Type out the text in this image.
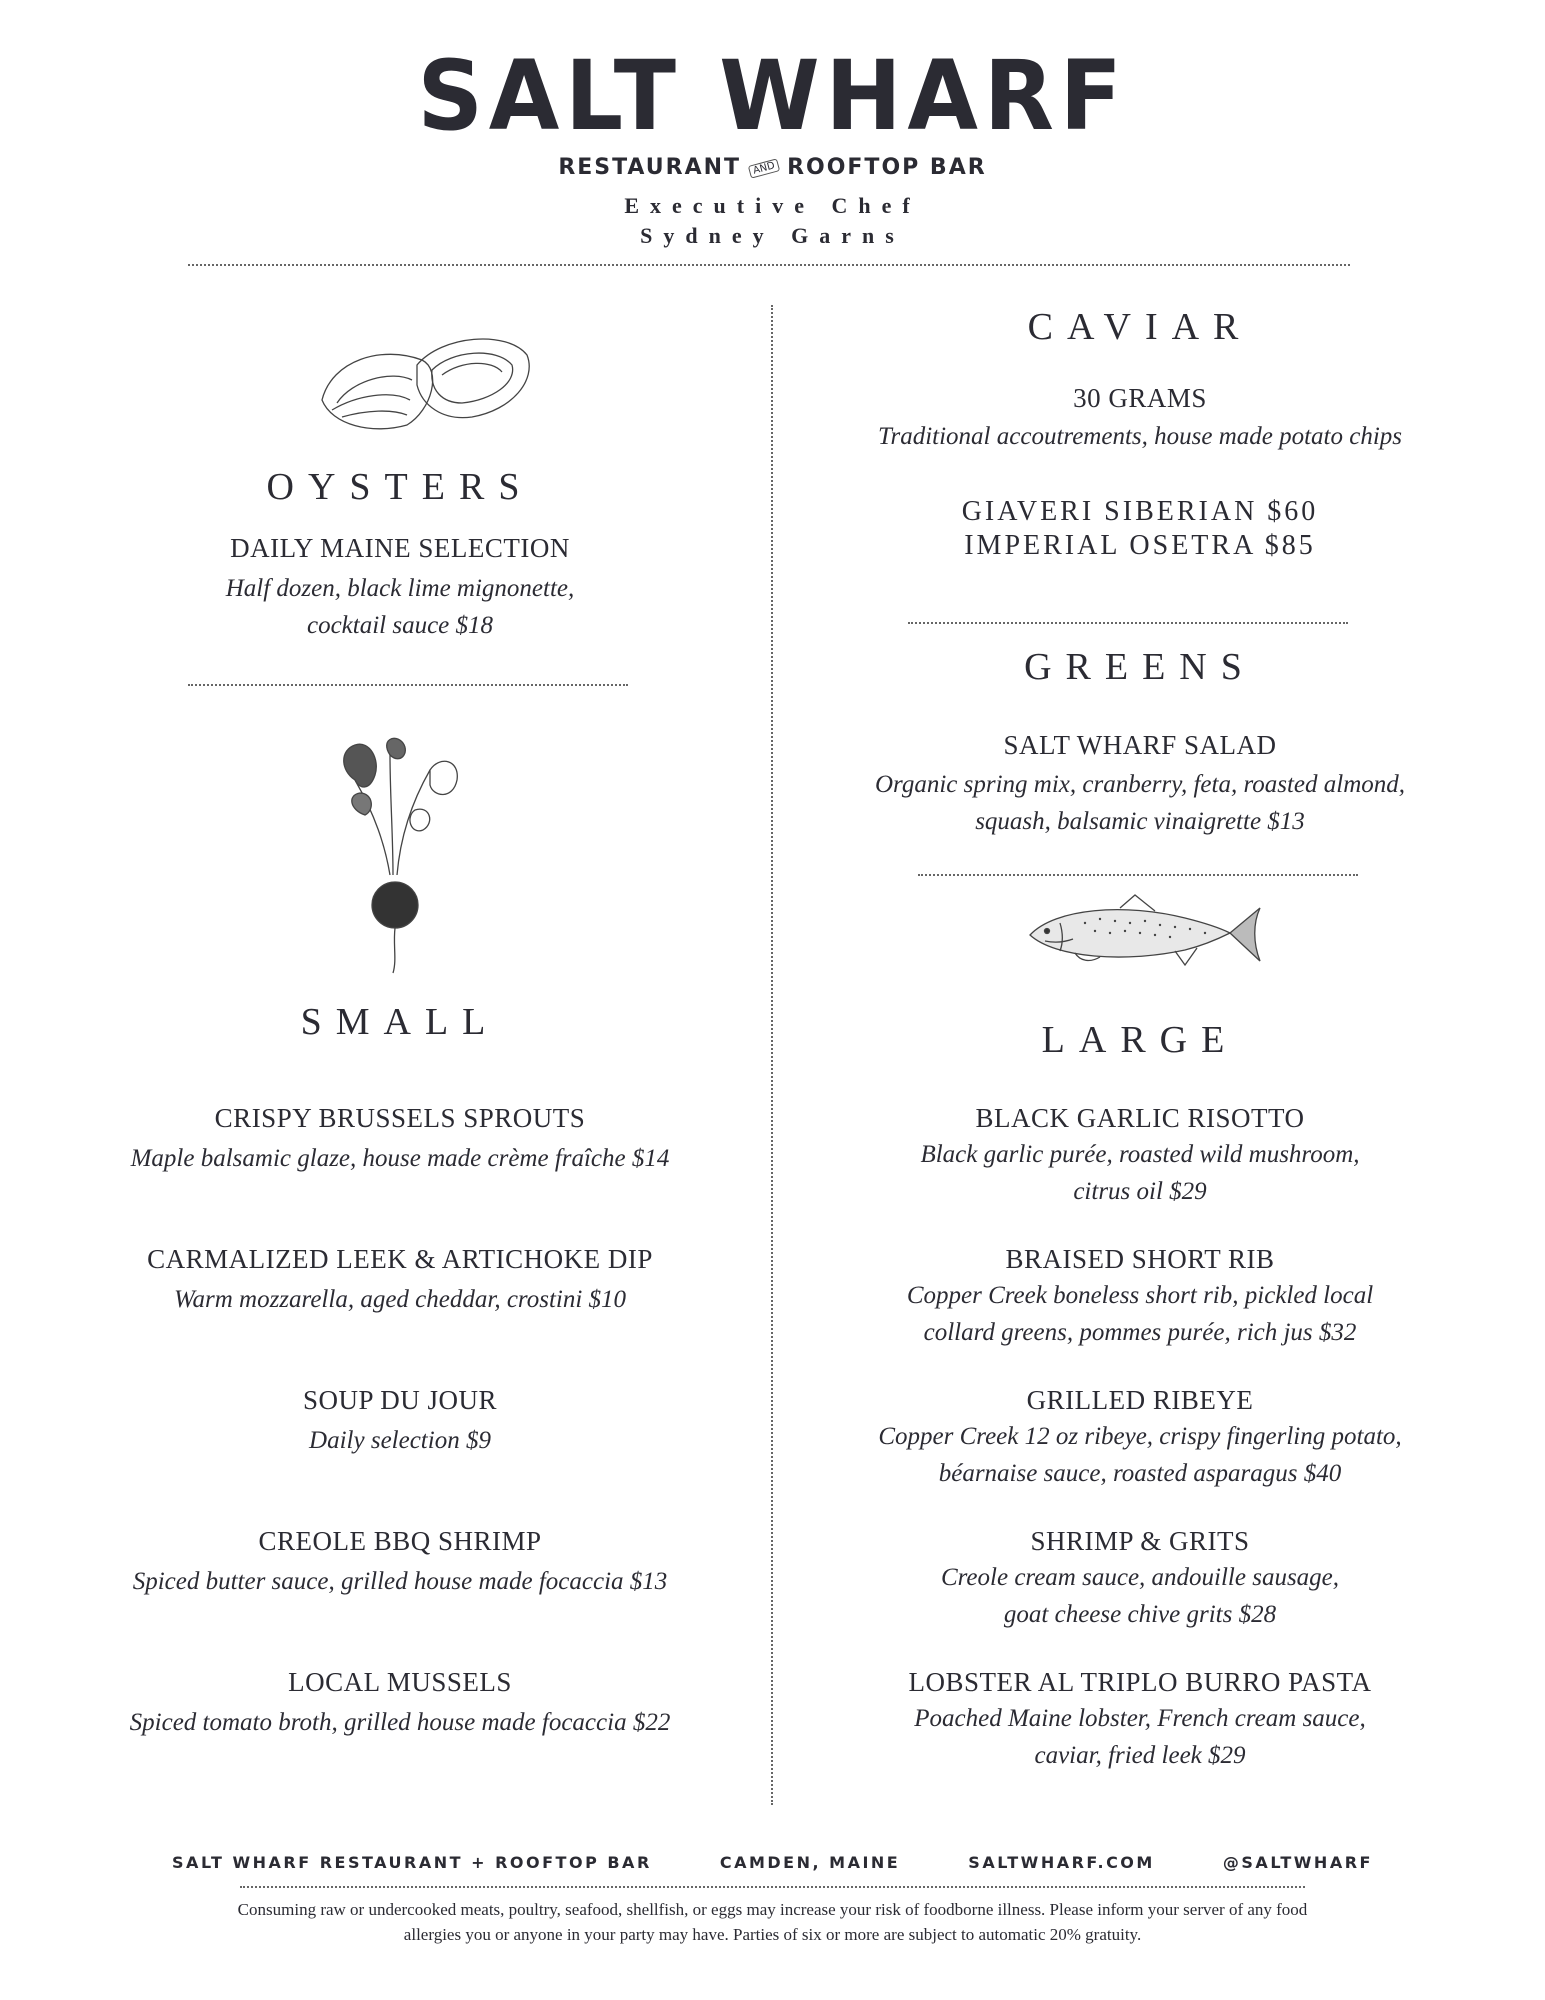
SALT WHARF
RESTAURANT AND ROOFTOP BAR
Executive Chef
Sydney Garns
OYSTERS
DAILY MAINE SELECTION
Half dozen, black lime mignonette,
cocktail sauce $18
SMALL
CRISPY BRUSSELS SPROUTS
Maple balsamic glaze, house made crème fraîche $14
CARMALIZED LEEK & ARTICHOKE DIP
Warm mozzarella, aged cheddar, crostini $10
SOUP DU JOUR
Daily selection $9
CREOLE BBQ SHRIMP
Spiced butter sauce, grilled house made focaccia $13
LOCAL MUSSELS
Spiced tomato broth, grilled house made focaccia $22
CAVIAR
30 GRAMS
Traditional accoutrements, house made potato chips
GIAVERI SIBERIAN $60
IMPERIAL OSETRA $85
GREENS
SALT WHARF SALAD
Organic spring mix, cranberry, feta, roasted almond,
squash, balsamic vinaigrette $13
LARGE
BLACK GARLIC RISOTTO
Black garlic purée, roasted wild mushroom,
citrus oil $29
BRAISED SHORT RIB
Copper Creek boneless short rib, pickled local
collard greens, pommes purée, rich jus $32
GRILLED RIBEYE
Copper Creek 12 oz ribeye, crispy fingerling potato,
béarnaise sauce, roasted asparagus $40
SHRIMP & GRITS
Creole cream sauce, andouille sausage,
goat cheese chive grits $28
LOBSTER AL TRIPLO BURRO PASTA
Poached Maine lobster, French cream sauce,
caviar, fried leek $29
SALT WHARF RESTAURANT + ROOFTOP BAR	CAMDEN, MAINE	SALTWHARF.COM	@SALTWHARF
Consuming raw or undercooked meats, poultry, seafood, shellfish, or eggs may increase your risk of foodborne illness. Please inform your server of any food
allergies you or anyone in your party may have. Parties of six or more are subject to automatic 20% gratuity.
